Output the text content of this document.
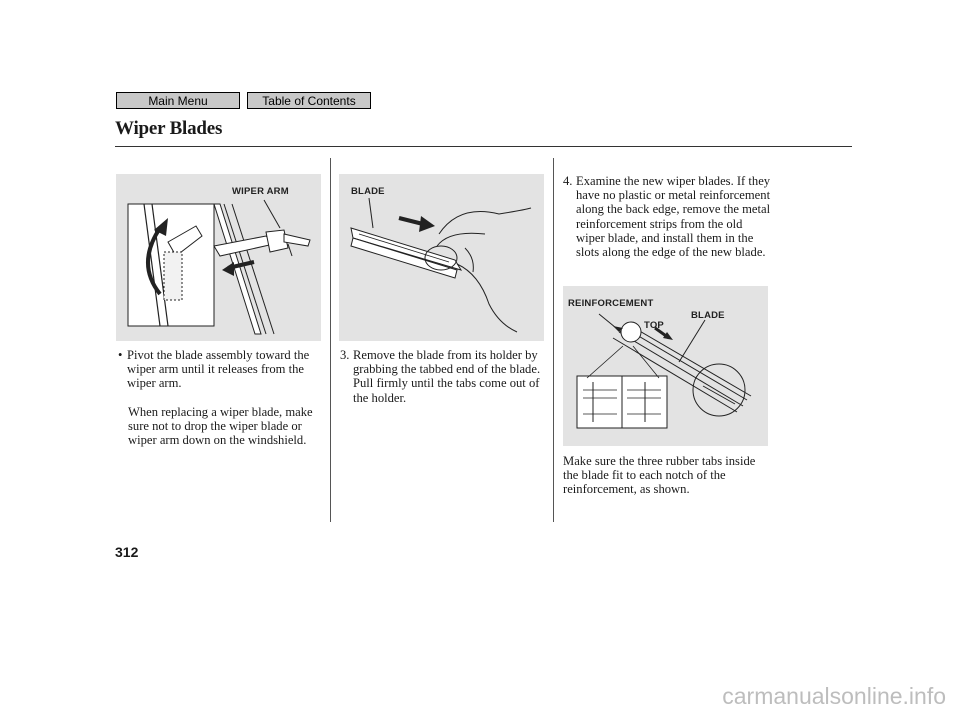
Main Menu	Table of Contents
Wiper Blades
WIPER ARM	BLADE
REINFORCEMENT
TOP
BLADE
• Pivot the blade assembly toward the wiper arm until it releases from the wiper arm.
When replacing a wiper blade, make sure not to drop the wiper blade or wiper arm down on the windshield.
3. Remove the blade from its holder by grabbing the tabbed end of the blade. Pull firmly until the tabs come out of the holder.
4. Examine the new wiper blades. If they have no plastic or metal reinforcement along the back edge, remove the metal reinforcement strips from the old wiper blade, and install them in the slots along the edge of the new blade.
Make sure the three rubber tabs inside the blade fit to each notch of the reinforcement, as shown.
312
carmanualsonline.info
